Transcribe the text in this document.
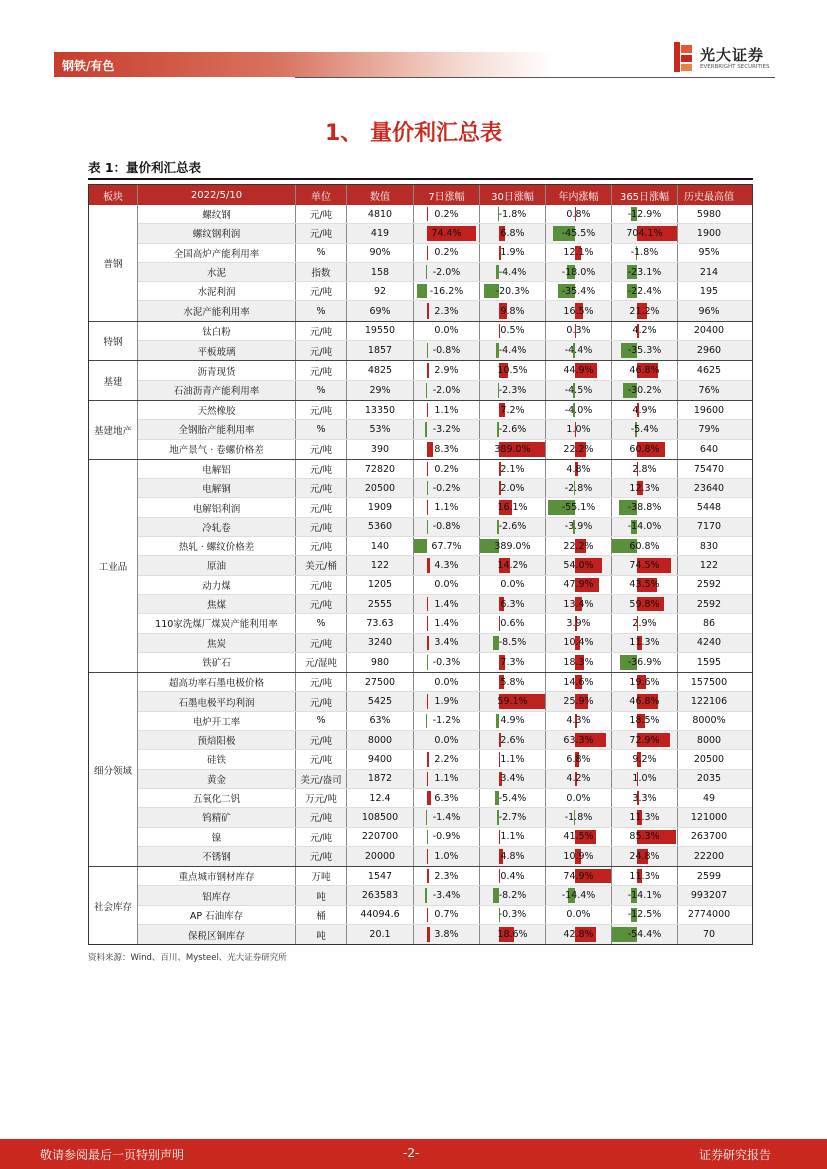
钢铁/有色
光大证券
EVERBRIGHT SECURITIES
1、 量价利汇总表
表 1：量价利汇总表
板块	2022/5/10	单位	数值	7日涨幅	30日涨幅	年内涨幅	365日涨幅	历史最高值
普钢
螺纹钢	元/吨	4810	0.2%	-1.8%	0.8%	-12.9%	5980
螺纹钢利润	元/吨	419	74.4%	6.8%	-45.5%	704.1%	1900
全国高炉产能利用率	%	90%	0.2%	1.9%	12.1%	-1.8%	95%
水泥	指数	158	-2.0%	-4.4%	-18.0%	-23.1%	214
水泥利润	元/吨	92	-16.2%	-20.3%	-35.4%	-22.4%	195
水泥产能利用率	%	69%	2.3%	9.8%	16.5%	21.2%	96%
特钢
钛白粉	元/吨	19550	0.0%	0.5%	0.3%	4.2%	20400
平板玻璃	元/吨	1857	-0.8%	-4.4%	-4.4%	-35.3%	2960
基建
沥青现货	元/吨	4825	2.9%	10.5%	44.9%	46.8%	4625
石油沥青产能利用率	%	29%	-2.0%	-2.3%	-4.5%	-30.2%	76%
基建地产
天然橡胶	元/吨	13350	1.1%	7.2%	-4.0%	4.9%	19600
全钢胎产能利用率	%	53%	-3.2%	-2.6%	1.0%	-5.4%	79%
地产景气 · 卷螺价格差	元/吨	390	8.3%	389.0%	22.2%	60.8%	640
工业品
电解铝	元/吨	72820	0.2%	2.1%	4.8%	2.8%	75470
电解铜	元/吨	20500	-0.2%	2.0%	-2.8%	12.3%	23640
电解铝利润	元/吨	1909	1.1%	16.1%	-55.1%	-38.8%	5448
冷轧卷	元/吨	5360	-0.8%	-2.6%	-3.9%	-14.0%	7170
热轧 · 螺纹价格差	元/吨	140	67.7%	389.0%	22.2%	60.8%	830
原油	美元/桶	122	4.3%	14.2%	54.0%	74.5%	122
动力煤	元/吨	1205	0.0%	0.0%	47.9%	43.5%	2592
焦煤	元/吨	2555	1.4%	6.3%	13.4%	59.8%	2592
110家洗煤厂煤炭产能利用率	%	73.63	1.4%	0.6%	3.9%	2.9%	86
焦炭	元/吨	3240	3.4%	-8.5%	10.4%	11.3%	4240
铁矿石	元/湿吨	980	-0.3%	7.3%	18.3%	-36.9%	1595
细分领域
超高功率石墨电极价格	元/吨	27500	0.0%	5.8%	14.6%	19.6%	157500
石墨电极平均利润	元/吨	5425	1.9%	59.1%	25.9%	46.8%	122106
电炉开工率	%	63%	-1.2%	4.9%	4.3%	18.5%	8000%
预焙阳极	元/吨	8000	0.0%	2.6%	63.3%	72.9%	8000
硅铁	元/吨	9400	2.2%	1.1%	6.8%	9.2%	20500
黄金	美元/盎司	1872	1.1%	3.4%	4.2%	1.0%	2035
五氧化二钒	万元/吨	12.4	6.3%	-5.4%	0.0%	3.3%	49
钨精矿	元/吨	108500	-1.4%	-2.7%	-1.8%	11.3%	121000
镍	元/吨	220700	-0.9%	1.1%	41.5%	85.3%	263700
不锈钢	元/吨	20000	1.0%	4.8%	10.9%	24.8%	22200
社会库存
重点城市钢材库存	万吨	1547	2.3%	0.4%	74.9%	11.3%	2599
铝库存	吨	263583	-3.4%	-8.2%	-14.4%	-14.1%	993207
AP 石油库存	桶	44094.6	0.7%	-0.3%	0.0%	-12.5%	2774000
保税区铜库存	吨	20.1	3.8%	18.6%	42.8%	-54.4%	70
资料来源：Wind、百川、Mysteel、光大证券研究所
敬请参阅最后一页特别声明	-2-	证券研究报告
